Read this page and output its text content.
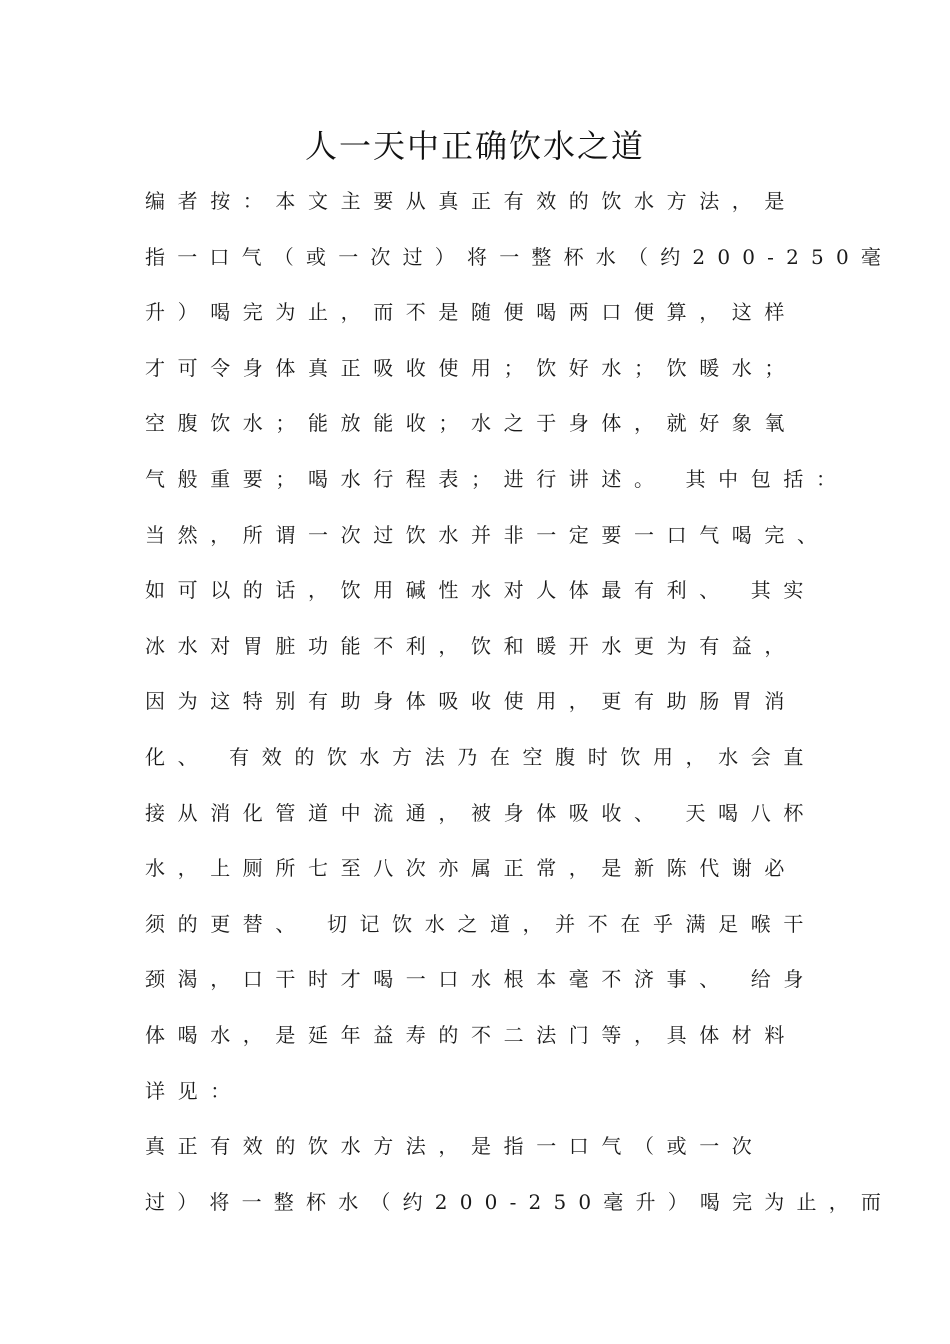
人一天中正确饮水之道
编者按：本文主要从真正有效的饮水方法，是
指一口气（或一次过）将一整杯水（约200-250毫
升）喝完为止，而不是随便喝两口便算，这样
才可令身体真正吸收使用；饮好水；饮暖水；
空腹饮水；能放能收；水之于身体，就好象氧
气般重要；喝水行程表；进行讲述。 其中包括：
当然，所谓一次过饮水并非一定要一口气喝完、
如可以的话，饮用碱性水对人体最有利、 其实
冰水对胃脏功能不利，饮和暖开水更为有益，
因为这特别有助身体吸收使用，更有助肠胃消
化、 有效的饮水方法乃在空腹时饮用，水会直
接从消化管道中流通，被身体吸收、 天喝八杯
水，上厕所七至八次亦属正常，是新陈代谢必
须的更替、 切记饮水之道，并不在乎满足喉干
颈渴，口干时才喝一口水根本毫不济事、 给身
体喝水，是延年益寿的不二法门等，具体材料
详见：
真正有效的饮水方法，是指一口气（或一次
过）将一整杯水（约200-250毫升）喝完为止，而
